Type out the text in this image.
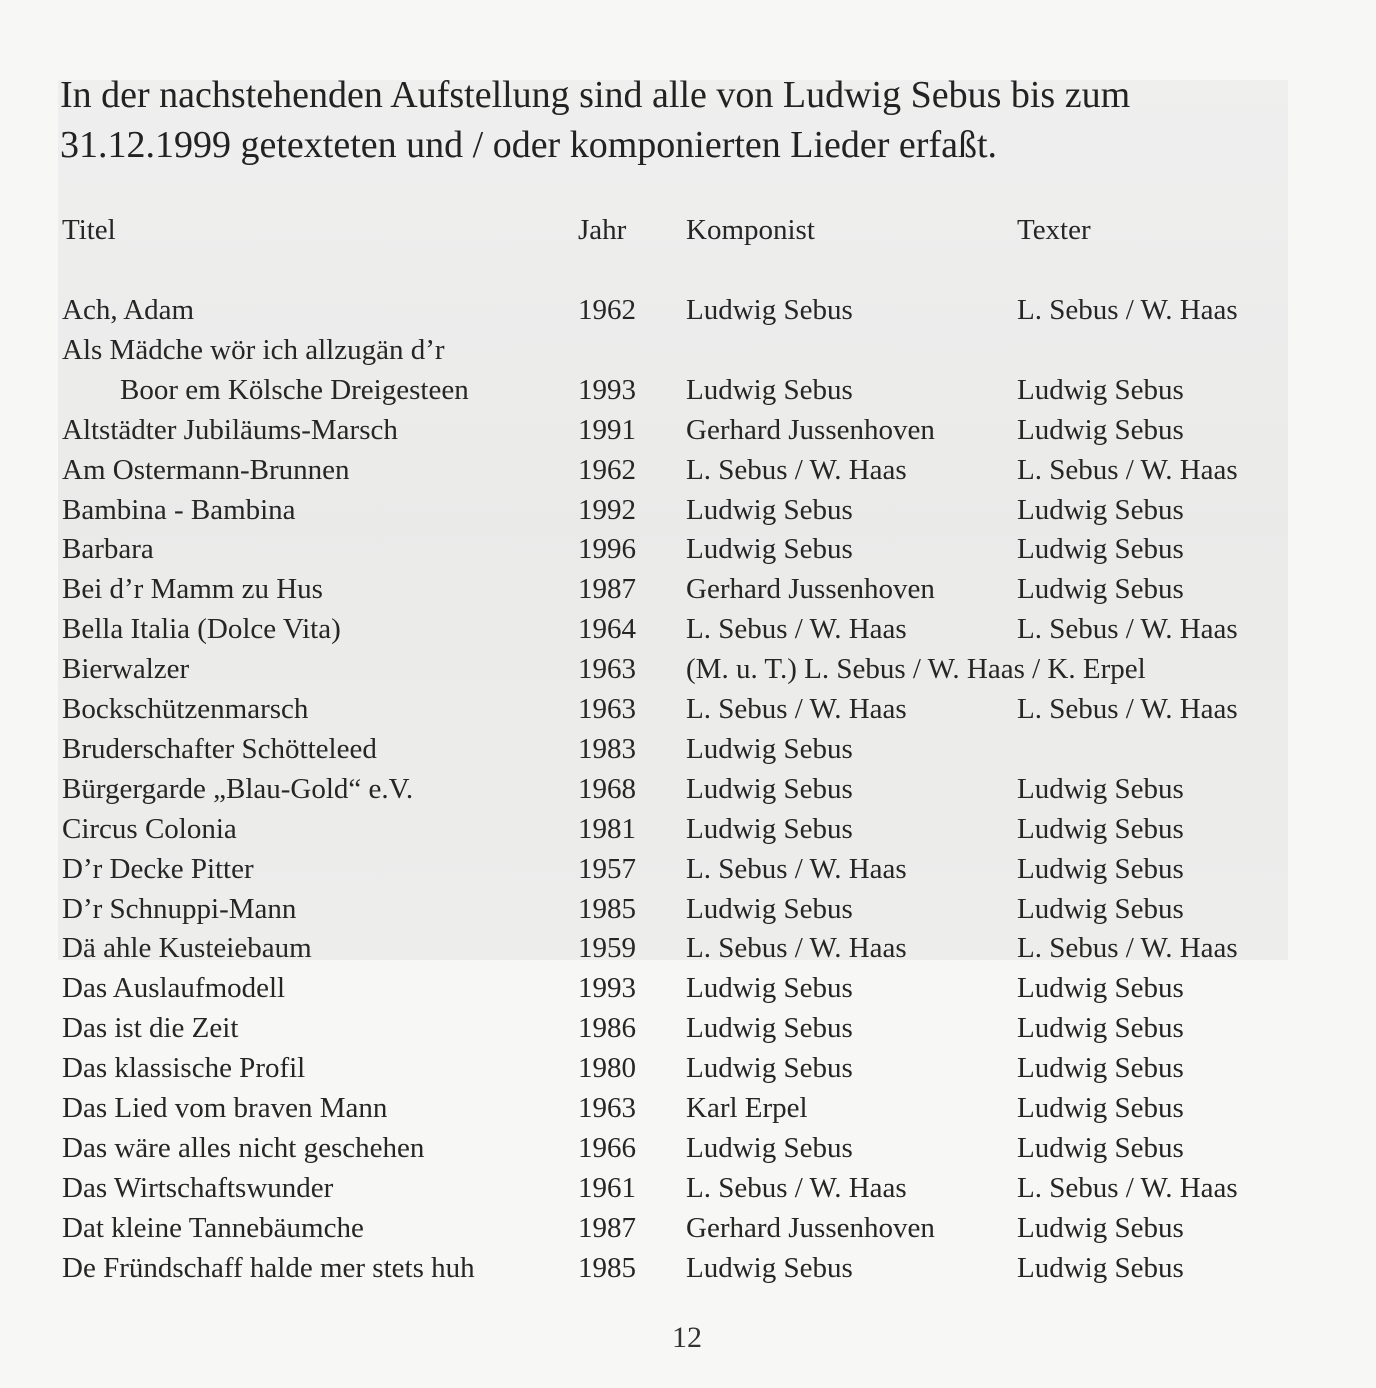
In der nachstehenden Aufstellung sind alle von Ludwig Sebus bis zum

31.12.1999 getexteten und / oder komponierten Lieder erfaßt.

Titel	Jahr Komponist	Texter
Ach, Adam	1962 Ludwig Sebus	L. Sebus / W. Haas
Als Mädche wör ich allzugän d’r
Boor em Kölsche Dreigesteen	1993 Ludwig Sebus	Ludwig Sebus
Altstädter Jubiläums-Marsch	1991 Gerhard Jussenhoven	Ludwig Sebus
Am Ostermann-Brunnen	1962 L. Sebus / W. Haas	L. Sebus / W. Haas
Bambina - Bambina	1992 Ludwig Sebus	Ludwig Sebus
Barbara	1996 Ludwig Sebus	Ludwig Sebus
Bei d’r Mamm zu Hus	1987 Gerhard Jussenhoven	Ludwig Sebus
Bella Italia (Dolce Vita)	1964 L. Sebus / W. Haas	L. Sebus / W. Haas
Bierwalzer	1963 (M. u. T.) L. Sebus / W. Haas / K. Erpel
Bockschützenmarsch	1963 L. Sebus / W. Haas	L. Sebus / W. Haas
Bruderschafter Schötteleed	1983 Ludwig Sebus
Bürgergarde „Blau-Gold“ e.V.	1968 Ludwig Sebus	Ludwig Sebus
Circus Colonia	1981 Ludwig Sebus	Ludwig Sebus
D’r Decke Pitter	1957 L. Sebus / W. Haas	Ludwig Sebus
D’r Schnuppi-Mann	1985 Ludwig Sebus	Ludwig Sebus
Dä ahle Kusteiebaum	1959 L. Sebus / W. Haas	L. Sebus / W. Haas
Das Auslaufmodell	1993 Ludwig Sebus	Ludwig Sebus
Das ist die Zeit	1986 Ludwig Sebus	Ludwig Sebus
Das klassische Profil	1980 Ludwig Sebus	Ludwig Sebus
Das Lied vom braven Mann	1963 Karl Erpel	Ludwig Sebus
Das wäre alles nicht geschehen	1966 Ludwig Sebus	Ludwig Sebus
Das Wirtschaftswunder	1961 L. Sebus / W. Haas	L. Sebus / W. Haas
Dat kleine Tannebäumche	1987 Gerhard Jussenhoven	Ludwig Sebus
De Fründschaff halde mer stets huh	1985 Ludwig Sebus	Ludwig Sebus
12
